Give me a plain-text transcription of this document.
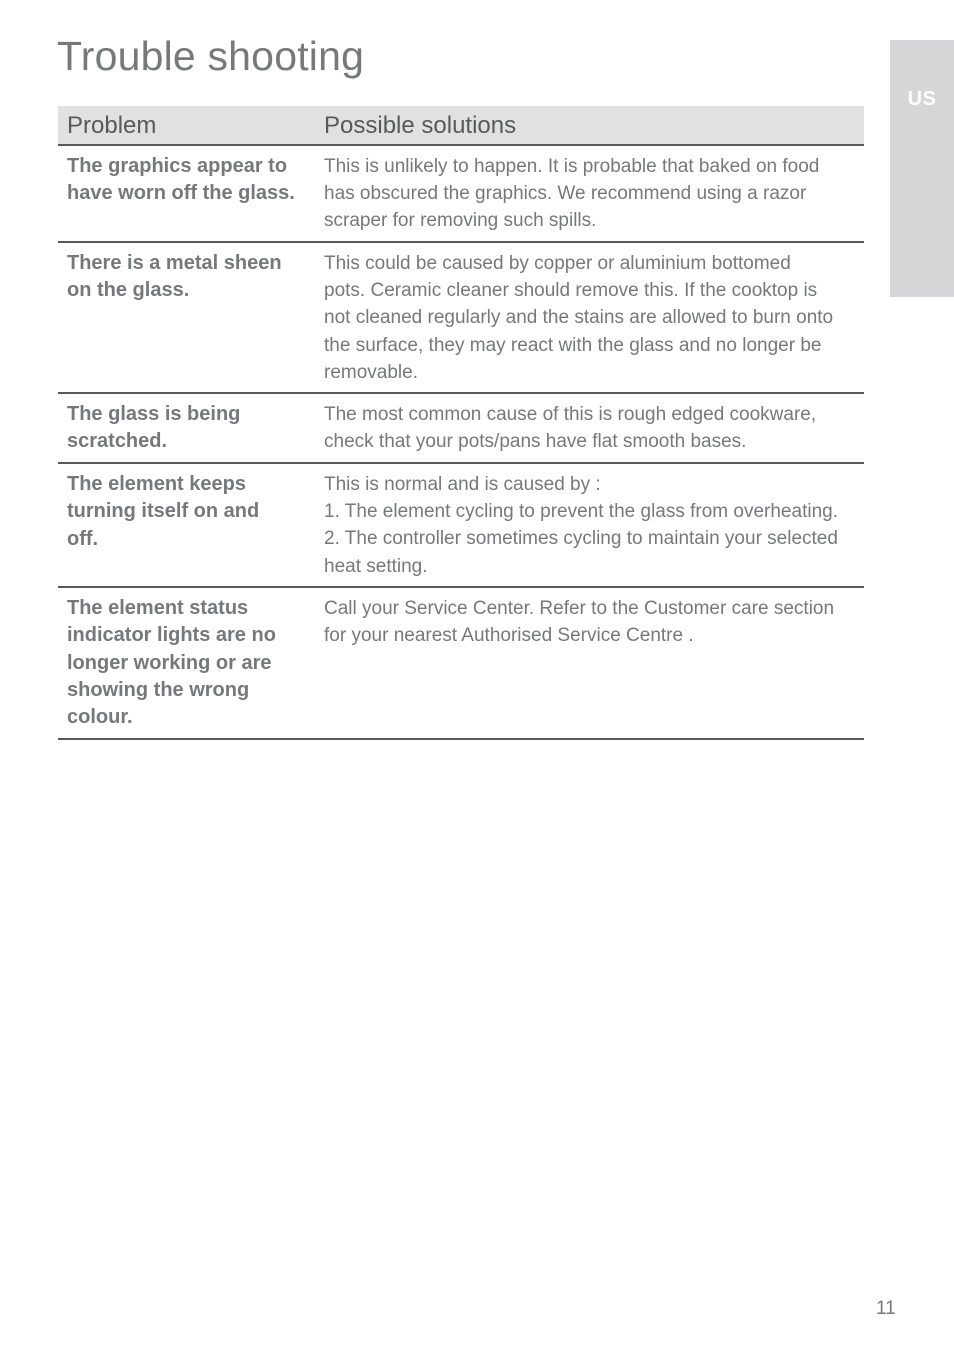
Trouble shooting
US
Problem	Possible solutions
The graphics appear to
have worn off the glass.
This is unlikely to happen. It is probable that baked on food
has obscured the graphics. We recommend using a razor
scraper for removing such spills.
There is a metal sheen
on the glass.
This could be caused by copper or aluminium bottomed
pots. Ceramic cleaner should remove this. If the cooktop is
not cleaned regularly and the stains are allowed to burn onto
the surface, they may react with the glass and no longer be
removable.
The glass is being
scratched.
The most common cause of this is rough edged cookware,
check that your pots/pans have flat smooth bases.
The element keeps
turning itself on and
off.
This is normal and is caused by :
1. The element cycling to prevent the glass from overheating.
2. The controller sometimes cycling to maintain your selected
heat setting.
The element status
indicator lights are no
longer working or are
showing the wrong
colour.
Call your Service Center. Refer to the Customer care section
for your nearest Authorised Service Centre .
11
